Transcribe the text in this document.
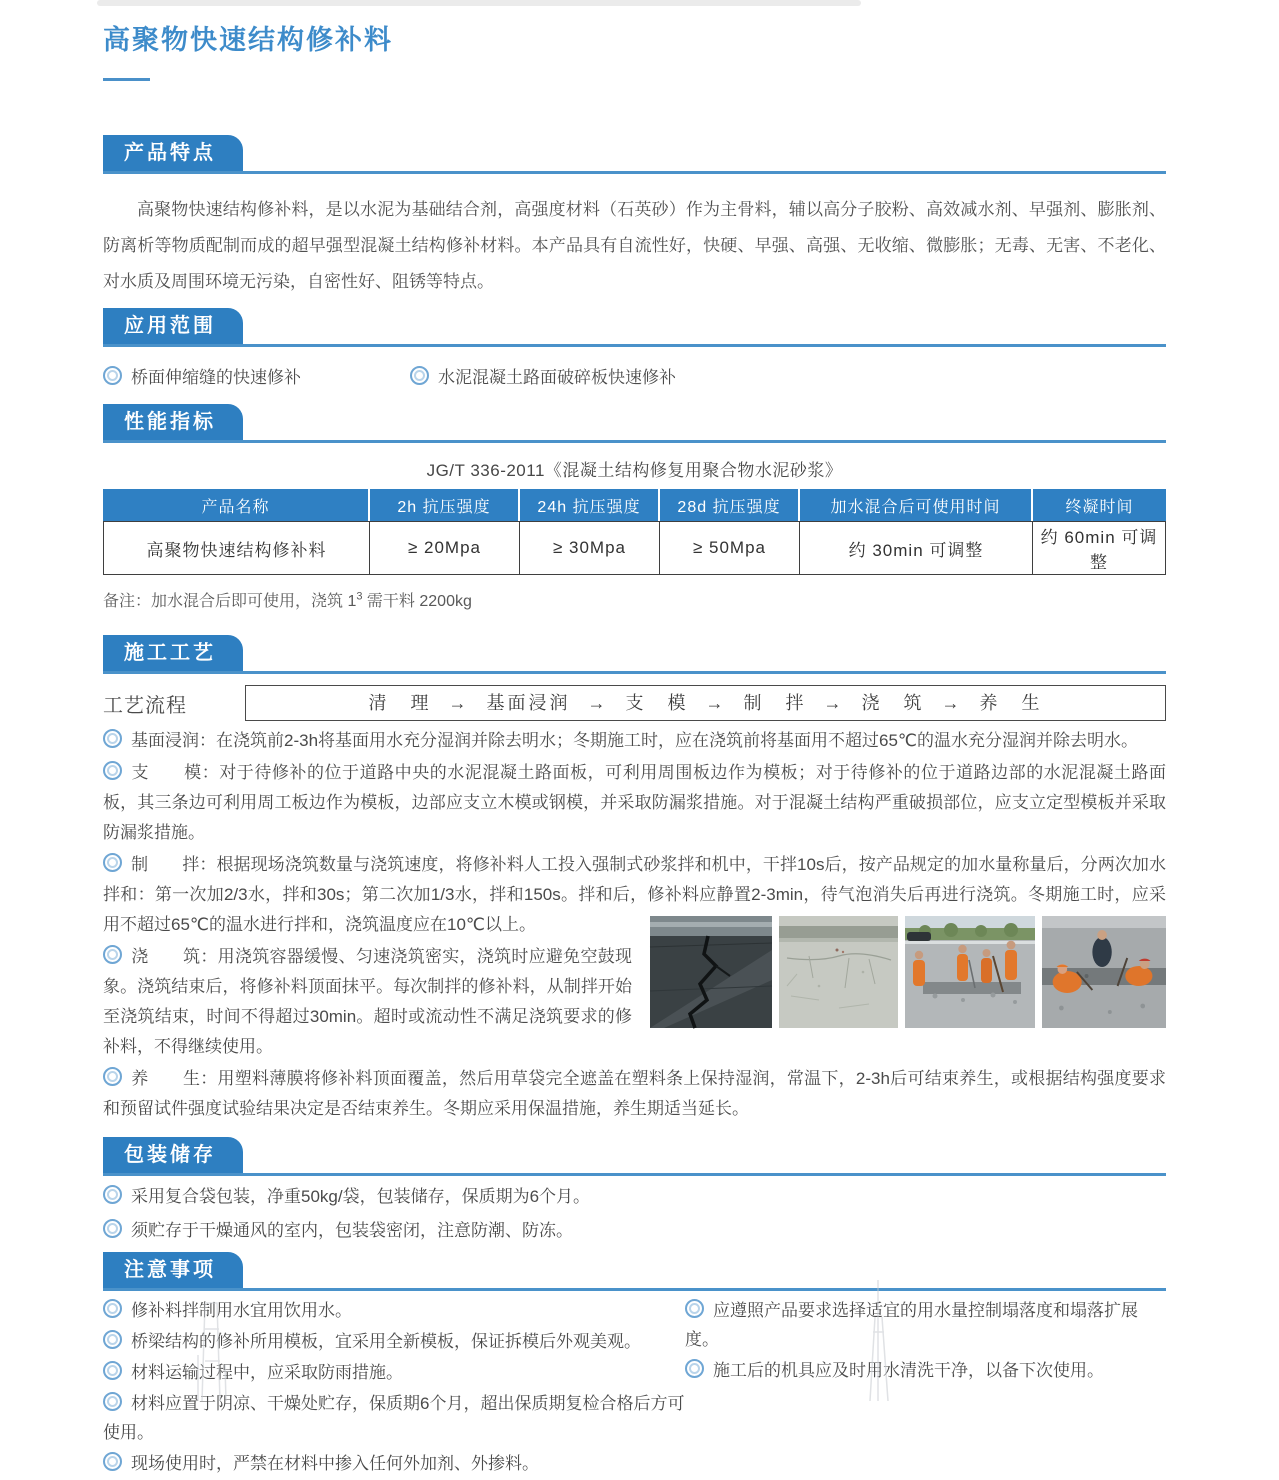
高聚物快速结构修补料
产品特点

高聚物快速结构修补料，是以水泥为基础结合剂，高强度材料（石英砂）作为主骨料，辅以高分子胶粉、高效减水剂、早强剂、膨胀剂、防离析等物质配制而成的超早强型混凝土结构修补材料。本产品具有自流性好，快硬、早强、高强、无收缩、微膨胀；无毒、无害、不老化、对水质及周围环境无污染，自密性好、阻锈等特点。

应用范围
桥面伸缩缝的快速修补	水泥混凝土路面破碎板快速修补
性能指标

JG/T 336-2011《混凝土结构修复用聚合物水泥砂浆》

产品名称	2h 抗压强度	24h 抗压强度	28d 抗压强度	加水混合后可使用时间	终凝时间
高聚物快速结构修补料	≥ 20Mpa	≥ 30Mpa	≥ 50Mpa	约 30min 可调整	约 60min 可调整

备注：加水混合后即可使用，浇筑 $1^3$ 需干料 2200kg

施工工艺
工艺流程	清　理 → 基面浸润 → 支　模 → 制　拌 → 浇　筑 → 养　生

基面浸润：在浇筑前2-3h将基面用水充分湿润并除去明水；冬期施工时，应在浇筑前将基面用不超过65℃的温水充分湿润并除去明水。

支　　模：对于待修补的位于道路中央的水泥混凝土路面板，可利用周围板边作为模板；对于待修补的位于道路边部的水泥混凝土路面板，其三条边可利用周工板边作为模板，边部应支立木模或钢模，并采取防漏浆措施。对于混凝土结构严重破损部位，应支立定型模板并采取防漏浆措施。

制　　拌：根据现场浇筑数量与浇筑速度，将修补料人工投入强制式砂浆拌和机中，干拌10s后，按产品规定的加水量称量后，分两次加水拌和：第一次加2/3水，拌和30s；第二次加1/3水，拌和150s。拌和后，修补料应静置2-3min，待气泡消失后再进行浇筑。冬期施工时，应采用不超过65℃的温水进行拌和，浇筑温度应在10℃以上。

浇　　筑：用浇筑容器缓慢、匀速浇筑密实，浇筑时应避免空鼓现象。浇筑结束后，将修补料顶面抹平。每次制拌的修补料，从制拌开始至浇筑结束，时间不得超过30min。超时或流动性不满足浇筑要求的修补料，不得继续使用。

养　　生：用塑料薄膜将修补料顶面覆盖，然后用草袋完全遮盖在塑料条上保持湿润，常温下，2-3h后可结束养生，或根据结构强度要求和预留试件强度试验结果决定是否结束养生。冬期应采用保温措施，养生期适当延长。

包装储存

采用复合袋包装，净重50kg/袋，包装储存，保质期为6个月。

须贮存于干燥通风的室内，包装袋密闭，注意防潮、防冻。

注意事项

修补料拌制用水宜用饮用水。

桥梁结构的修补所用模板，宜采用全新模板，保证拆模后外观美观。

材料运输过程中，应采取防雨措施。

材料应置于阴凉、干燥处贮存，保质期6个月，超出保质期复检合格后方可使用。

现场使用时，严禁在材料中掺入任何外加剂、外掺料。

应遵照产品要求选择适宜的用水量控制塌落度和塌落扩展度。

施工后的机具应及时用水清洗干净，以备下次使用。
